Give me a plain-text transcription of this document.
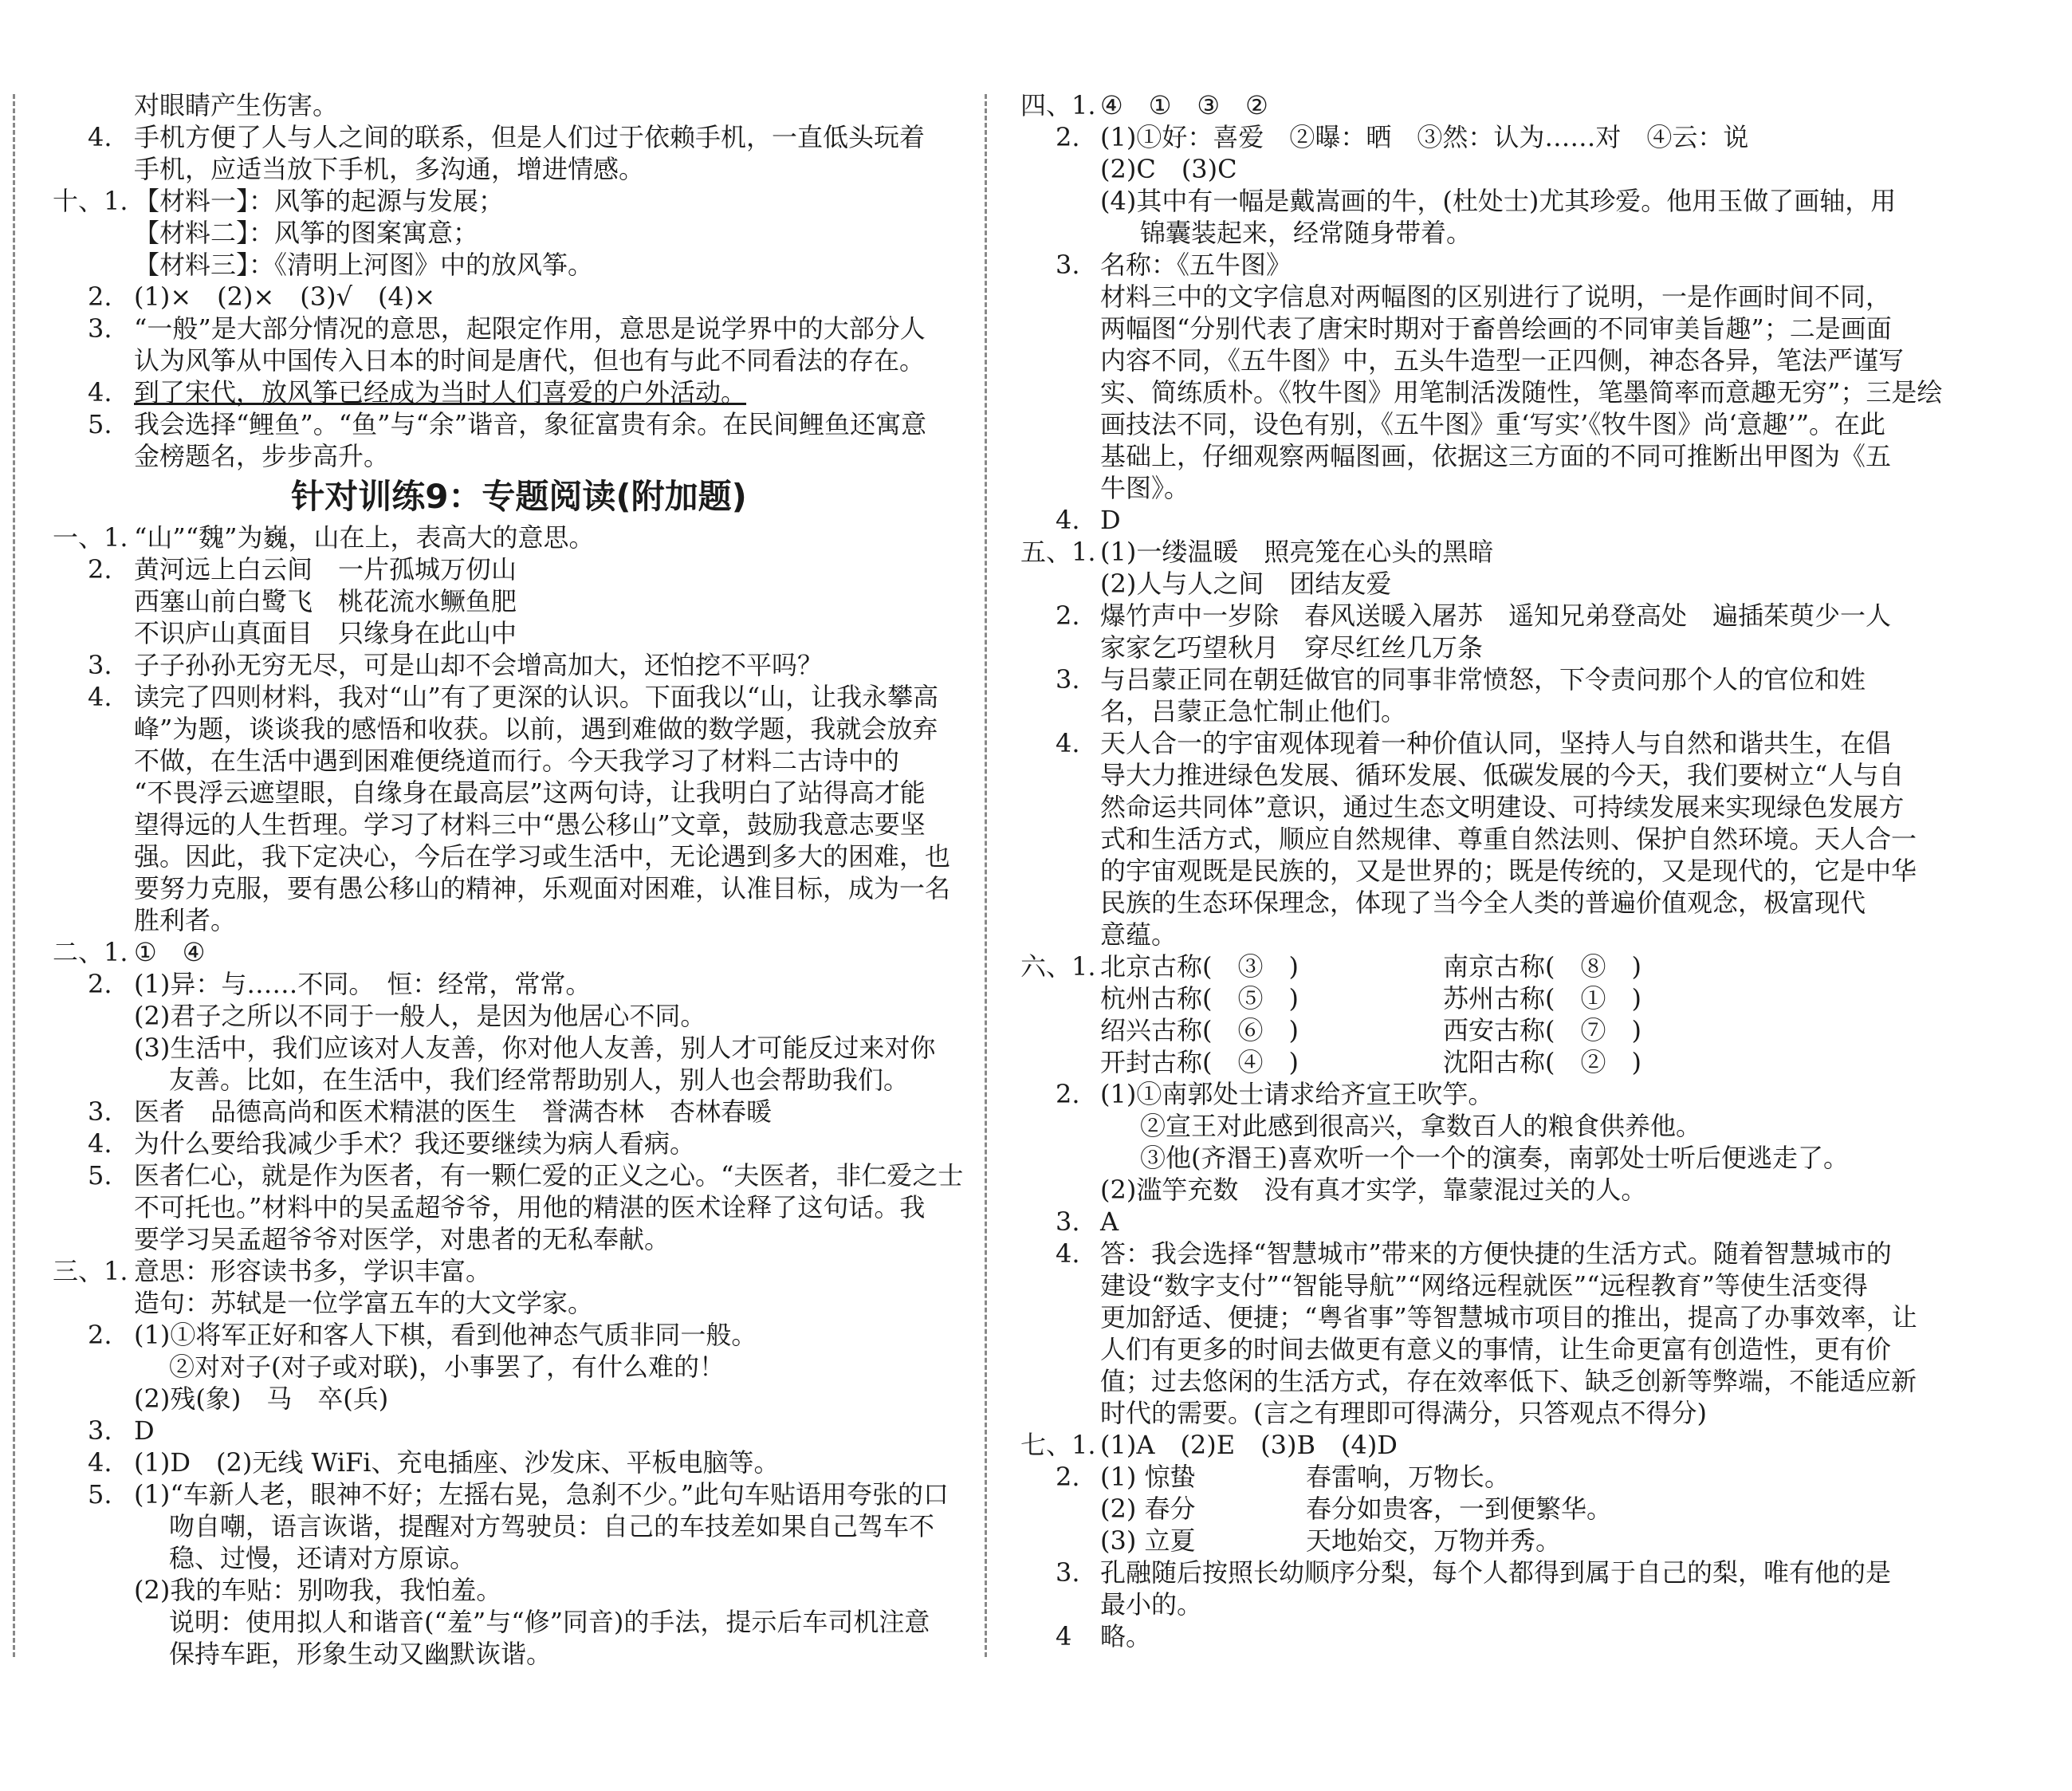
对眼睛产生伤害。
4. 手机方便了人与人之间的联系，但是人们过于依赖手机，一直低头玩着
手机，应适当放下手机，多沟通，增进情感。
十、1. 【材料一】：风筝的起源与发展；
【材料二】：风筝的图案寓意；
【材料三】：《清明上河图》中的放风筝。
2. (1)×　(2)×　(3)√　(4)×
3. “一般”是大部分情况的意思，起限定作用，意思是说学界中的大部分人
认为风筝从中国传入日本的时间是唐代，但也有与此不同看法的存在。
4. 到了宋代，放风筝已经成为当时人们喜爱的户外活动。
5. 我会选择“鲤鱼”。“鱼”与“余”谐音，象征富贵有余。在民间鲤鱼还寓意
金榜题名，步步高升。
针对训练9：专题阅读(附加题)
一、1. “山”“魏”为巍，山在上，表高大的意思。
2. 黄河远上白云间　一片孤城万仞山
西塞山前白鹭飞　桃花流水鳜鱼肥
不识庐山真面目　只缘身在此山中
3. 子子孙孙无穷无尽，可是山却不会增高加大，还怕挖不平吗？
4. 读完了四则材料，我对“山”有了更深的认识。下面我以“山，让我永攀高
峰”为题，谈谈我的感悟和收获。以前，遇到难做的数学题，我就会放弃
不做，在生活中遇到困难便绕道而行。今天我学习了材料二古诗中的
“不畏浮云遮望眼，自缘身在最高层”这两句诗，让我明白了站得高才能
望得远的人生哲理。学习了材料三中“愚公移山”文章，鼓励我意志要坚
强。因此，我下定决心，今后在学习或生活中，无论遇到多大的困难，也
要努力克服，要有愚公移山的精神，乐观面对困难，认准目标，成为一名
胜利者。
二、1. ①　④
2. (1)异：与……不同。　恒：经常，常常。
(2)君子之所以不同于一般人，是因为他居心不同。
(3)生活中，我们应该对人友善，你对他人友善，别人才可能反过来对你
友善。比如，在生活中，我们经常帮助别人，别人也会帮助我们。
3. 医者　品德高尚和医术精湛的医生　誉满杏林　杏林春暖
4. 为什么要给我减少手术？我还要继续为病人看病。
5. 医者仁心，就是作为医者，有一颗仁爱的正义之心。“夫医者，非仁爱之士
不可托也。”材料中的吴孟超爷爷，用他的精湛的医术诠释了这句话。我
要学习吴孟超爷爷对医学，对患者的无私奉献。
三、1. 意思：形容读书多，学识丰富。
造句：苏轼是一位学富五车的大文学家。
2. (1)①将军正好和客人下棋，看到他神态气质非同一般。
②对对子(对子或对联)，小事罢了，有什么难的！
(2)残(象)　马　卒(兵)
3. D
4. (1)D　(2)无线 WiFi、充电插座、沙发床、平板电脑等。
5. (1)“车新人老，眼神不好；左摇右晃，急刹不少。”此句车贴语用夸张的口
吻自嘲，语言诙谐，提醒对方驾驶员：自己的车技差如果自己驾车不
稳、过慢，还请对方原谅。
(2)我的车贴：别吻我，我怕羞。
说明：使用拟人和谐音(“羞”与“修”同音)的手法，提示后车司机注意
保持车距，形象生动又幽默诙谐。
四、1. ④　①　③　②
2. (1)①好：喜爱　②曝：晒　③然：认为……对　④云：说
(2)C　(3)C
(4)其中有一幅是戴嵩画的牛，(杜处士)尤其珍爱。他用玉做了画轴，用
锦囊装起来，经常随身带着。
3. 名称：《五牛图》
材料三中的文字信息对两幅图的区别进行了说明，一是作画时间不同，
两幅图“分别代表了唐宋时期对于畜兽绘画的不同审美旨趣”；二是画面
内容不同，《五牛图》中，五头牛造型一正四侧，神态各异，笔法严谨写
实、简练质朴。《牧牛图》用笔制活泼随性，笔墨简率而意趣无穷”；三是绘
画技法不同，设色有别，《五牛图》重‘写实’《牧牛图》尚‘意趣’”。在此
基础上，仔细观察两幅图画，依据这三方面的不同可推断出甲图为《五
牛图》。
4. D
五、1. (1)一缕温暖　照亮笼在心头的黑暗
(2)人与人之间　团结友爱
2. 爆竹声中一岁除　春风送暖入屠苏　遥知兄弟登高处　遍插茱萸少一人
家家乞巧望秋月　穿尽红丝几万条
3. 与吕蒙正同在朝廷做官的同事非常愤怒，下令责问那个人的官位和姓
名，吕蒙正急忙制止他们。
4. 天人合一的宇宙观体现着一种价值认同，坚持人与自然和谐共生，在倡
导大力推进绿色发展、循环发展、低碳发展的今天，我们要树立“人与自
然命运共同体”意识，通过生态文明建设、可持续发展来实现绿色发展方
式和生活方式，顺应自然规律、尊重自然法则、保护自然环境。天人合一
的宇宙观既是民族的，又是世界的；既是传统的，又是现代的，它是中华
民族的生态环保理念，体现了当今全人类的普遍价值观念，极富现代
意蕴。
六、1. 北京古称(　③　)	南京古称(　⑧　)
杭州古称(　⑤　)	苏州古称(　①　)
绍兴古称(　⑥　)	西安古称(　⑦　)
开封古称(　④　)	沈阳古称(　②　)
2. (1)①南郭处士请求给齐宣王吹竽。
②宣王对此感到很高兴，拿数百人的粮食供养他。
③他(齐湣王)喜欢听一个一个的演奏，南郭处士听后便逃走了。
(2)滥竽充数　没有真才实学，靠蒙混过关的人。
3. A
4. 答：我会选择“智慧城市”带来的方便快捷的生活方式。随着智慧城市的
建设“数字支付”“智能导航”“网络远程就医”“远程教育”等使生活变得
更加舒适、便捷；“粤省事”等智慧城市项目的推出，提高了办事效率，让
人们有更多的时间去做更有意义的事情，让生命更富有创造性，更有价
值；过去悠闲的生活方式，存在效率低下、缺乏创新等弊端，不能适应新
时代的需要。(言之有理即可得满分，只答观点不得分)
七、1. (1)A　(2)E　(3)B　(4)D
2. (1) 惊蛰	春雷响，万物长。
(2) 春分	春分如贵客，一到便繁华。
(3) 立夏	天地始交，万物并秀。
3. 孔融随后按照长幼顺序分梨，每个人都得到属于自己的梨，唯有他的是
最小的。
4 略。
